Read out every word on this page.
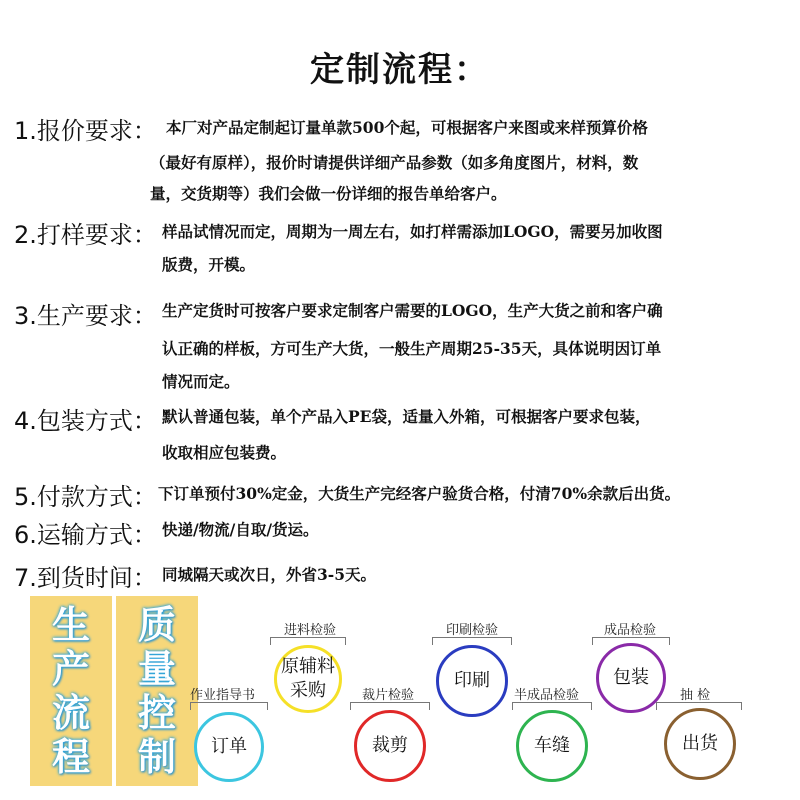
定制流程：
1.报价要求： 本厂对产品定制起订量单款500个起，可根据客户来图或来样预算价格
（最好有原样），报价时请提供详细产品参数（如多角度图片，材料，数
量，交货期等）我们会做一份详细的报告单给客户。
2.打样要求： 样品试情况而定，周期为一周左右，如打样需添加LOGO，需要另加收图
版费，开模。
3.生产要求： 生产定货时可按客户要求定制客户需要的LOGO，生产大货之前和客户确
认正确的样板，方可生产大货，一般生产周期25-35天，具体说明因订单
情况而定。
4.包装方式： 默认普通包装，单个产品入PE袋，适量入外箱，可根据客户要求包装，
收取相应包装费。
5.付款方式： 下订单预付30%定金，大货生产完经客户验货合格，付清70%余款后出货。
6.运输方式： 快递/物流/自取/货运。
7.到货时间： 同城隔天或次日，外省3-5天。
生
产
流
程
质
量
控
制
作业指导书
订单
进料检验
原辅料
采购	裁片检验
裁剪
印刷检验
印刷
半成品检验
车缝
成品检验
包装
抽 检
出货
